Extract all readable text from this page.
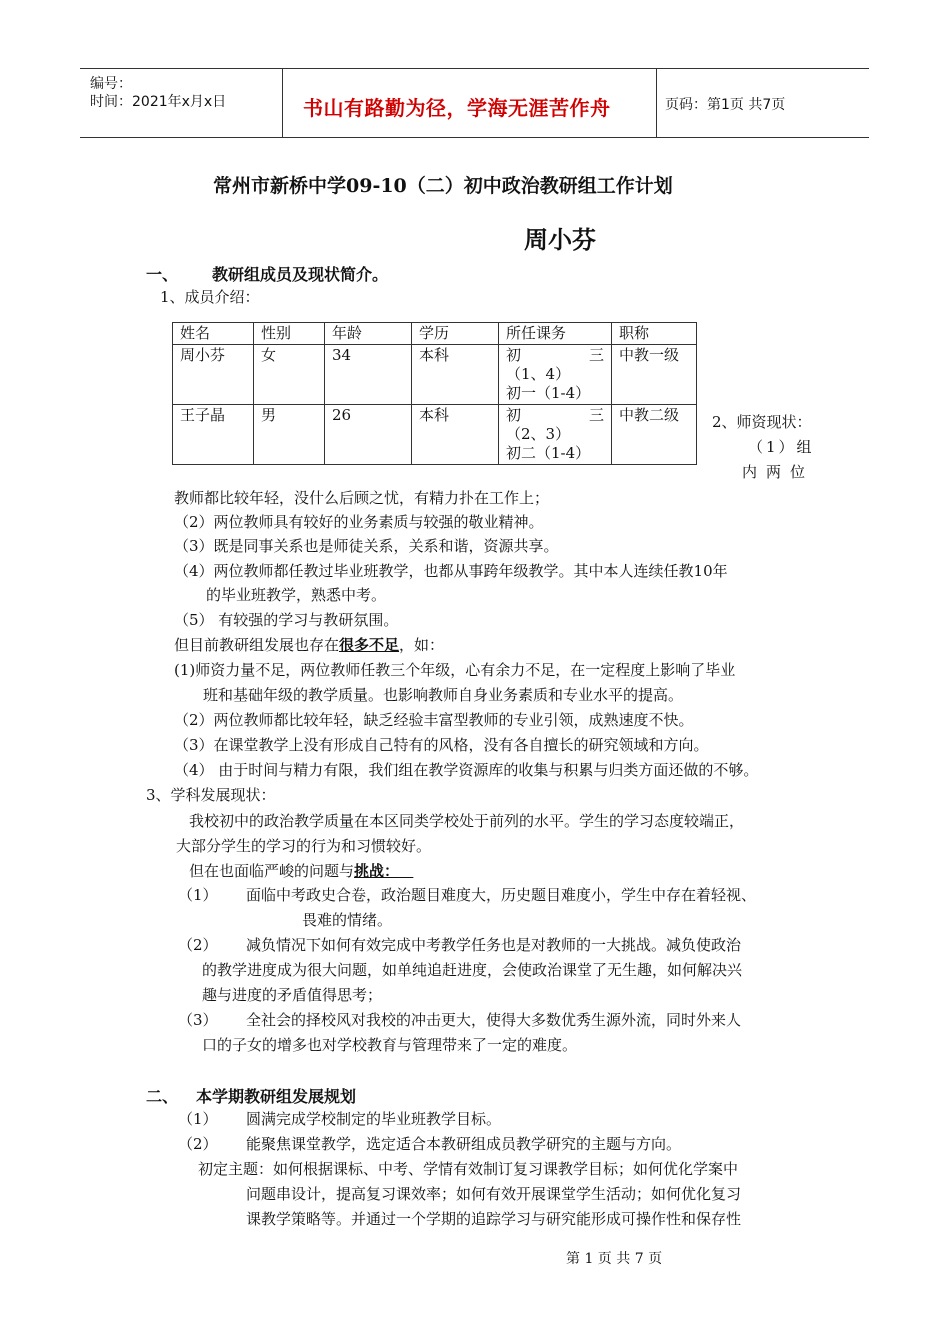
编号：
时间：2021年x月x日	书山有路勤为径，学海无涯苦作舟	页码：第1页 共7页
常州市新桥中学09-10（二）初中政治教研组工作计划
周小芬
一、 教研组成员及现状简介。
1、成员介绍：
姓名	性别	年龄	学历	所任课务	职称
周小芬	女	34	本科	初 三
（1、4）
初一（1-4）	中教一级
王子晶	男	26	本科	初 三
（2、3）
初二（1-4）	中教二级 2、师资现状：
（1）组
内两位
教师都比较年轻，没什么后顾之忧，有精力扑在工作上；
（2）两位教师具有较好的业务素质与较强的敬业精神。
（3）既是同事关系也是师徒关系，关系和谐，资源共享。
（4）两位教师都任教过毕业班教学，也都从事跨年级教学。其中本人连续任教10年
的毕业班教学，熟悉中考。
（5） 有较强的学习与教研氛围。
但目前教研组发展也存在很多不足，如：
(1)师资力量不足，两位教师任教三个年级，心有余力不足，在一定程度上影响了毕业
班和基础年级的教学质量。也影响教师自身业务素质和专业水平的提高。
（2）两位教师都比较年轻，缺乏经验丰富型教师的专业引领，成熟速度不快。
（3）在课堂教学上没有形成自己特有的风格，没有各自擅长的研究领域和方向。
（4） 由于时间与精力有限，我们组在教学资源库的收集与积累与归类方面还做的不够。
3、学科发展现状：
我校初中的政治教学质量在本区同类学校处于前列的水平。学生的学习态度较端正，
大部分学生的学习的行为和习惯较好。
但在也面临严峻的问题与挑战：
（1） 面临中考政史合卷，政治题目难度大，历史题目难度小，学生中存在着轻视、
畏难的情绪。
（2） 减负情况下如何有效完成中考教学任务也是对教师的一大挑战。减负使政治
的教学进度成为很大问题，如单纯追赶进度，会使政治课堂了无生趣，如何解决兴
趣与进度的矛盾值得思考；
（3） 全社会的择校风对我校的冲击更大，使得大多数优秀生源外流，同时外来人
口的子女的增多也对学校教育与管理带来了一定的难度。
二、 本学期教研组发展规划
（1） 圆满完成学校制定的毕业班教学目标。
（2） 能聚焦课堂教学，选定适合本教研组成员教学研究的主题与方向。
初定主题：如何根据课标、中考、学情有效制订复习课教学目标；如何优化学案中
问题串设计，提高复习课效率；如何有效开展课堂学生活动；如何优化复习
课教学策略等。并通过一个学期的追踪学习与研究能形成可操作性和保存性
第 1 页 共 7 页
